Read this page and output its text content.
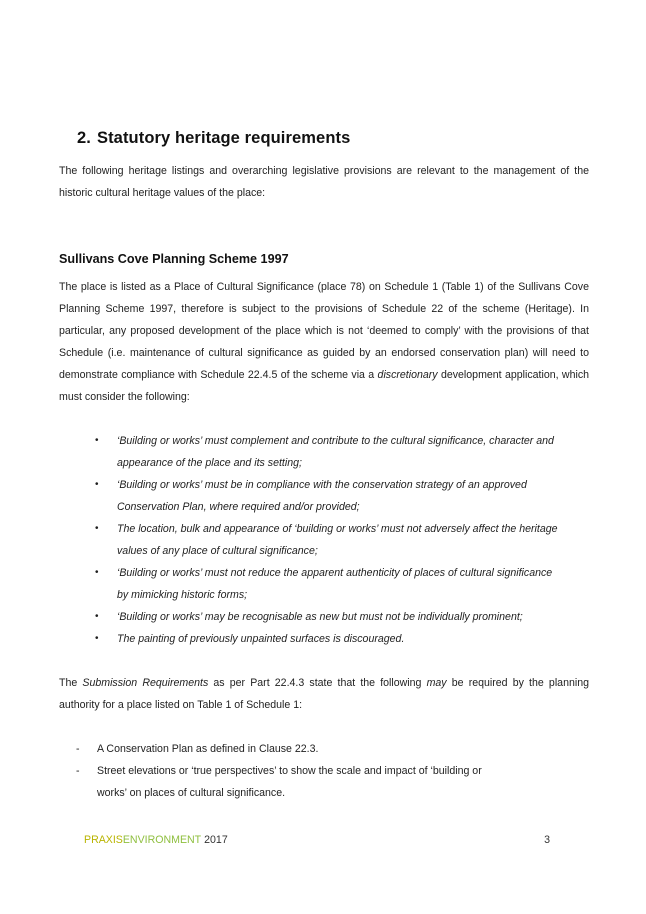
2. Statutory heritage requirements

The following heritage listings and overarching legislative provisions are relevant to the management of the historic cultural heritage values of the place:

Sullivans Cove Planning Scheme 1997

The place is listed as a Place of Cultural Significance (place 78) on Schedule 1 (Table 1) of the Sullivans Cove Planning Scheme 1997, therefore is subject to the provisions of Schedule 22 of the scheme (Heritage). In particular, any proposed development of the place which is not ‘deemed to comply’ with the provisions of that Schedule (i.e. maintenance of cultural significance as guided by an endorsed conservation plan) will need to demonstrate compliance with Schedule 22.4.5 of the scheme via a discretionary development application, which must consider the following:

• ‘Building or works’ must complement and contribute to the cultural significance, character and appearance of the place and its setting;
• ‘Building or works’ must be in compliance with the conservation strategy of an approved Conservation Plan, where required and/or provided;
• The location, bulk and appearance of ‘building or works’ must not adversely affect the heritage values of any place of cultural significance;
• ‘Building or works’ must not reduce the apparent authenticity of places of cultural significance by mimicking historic forms;
• ‘Building or works’ may be recognisable as new but must not be individually prominent;
• The painting of previously unpainted surfaces is discouraged.

The Submission Requirements as per Part 22.4.3 state that the following may be required by the planning authority for a place listed on Table 1 of Schedule 1:

- A Conservation Plan as defined in Clause 22.3.
- Street elevations or ‘true perspectives’ to show the scale and impact of ‘building or works’ on places of cultural significance.
PRAXISENVIRONMENT 2017	3
